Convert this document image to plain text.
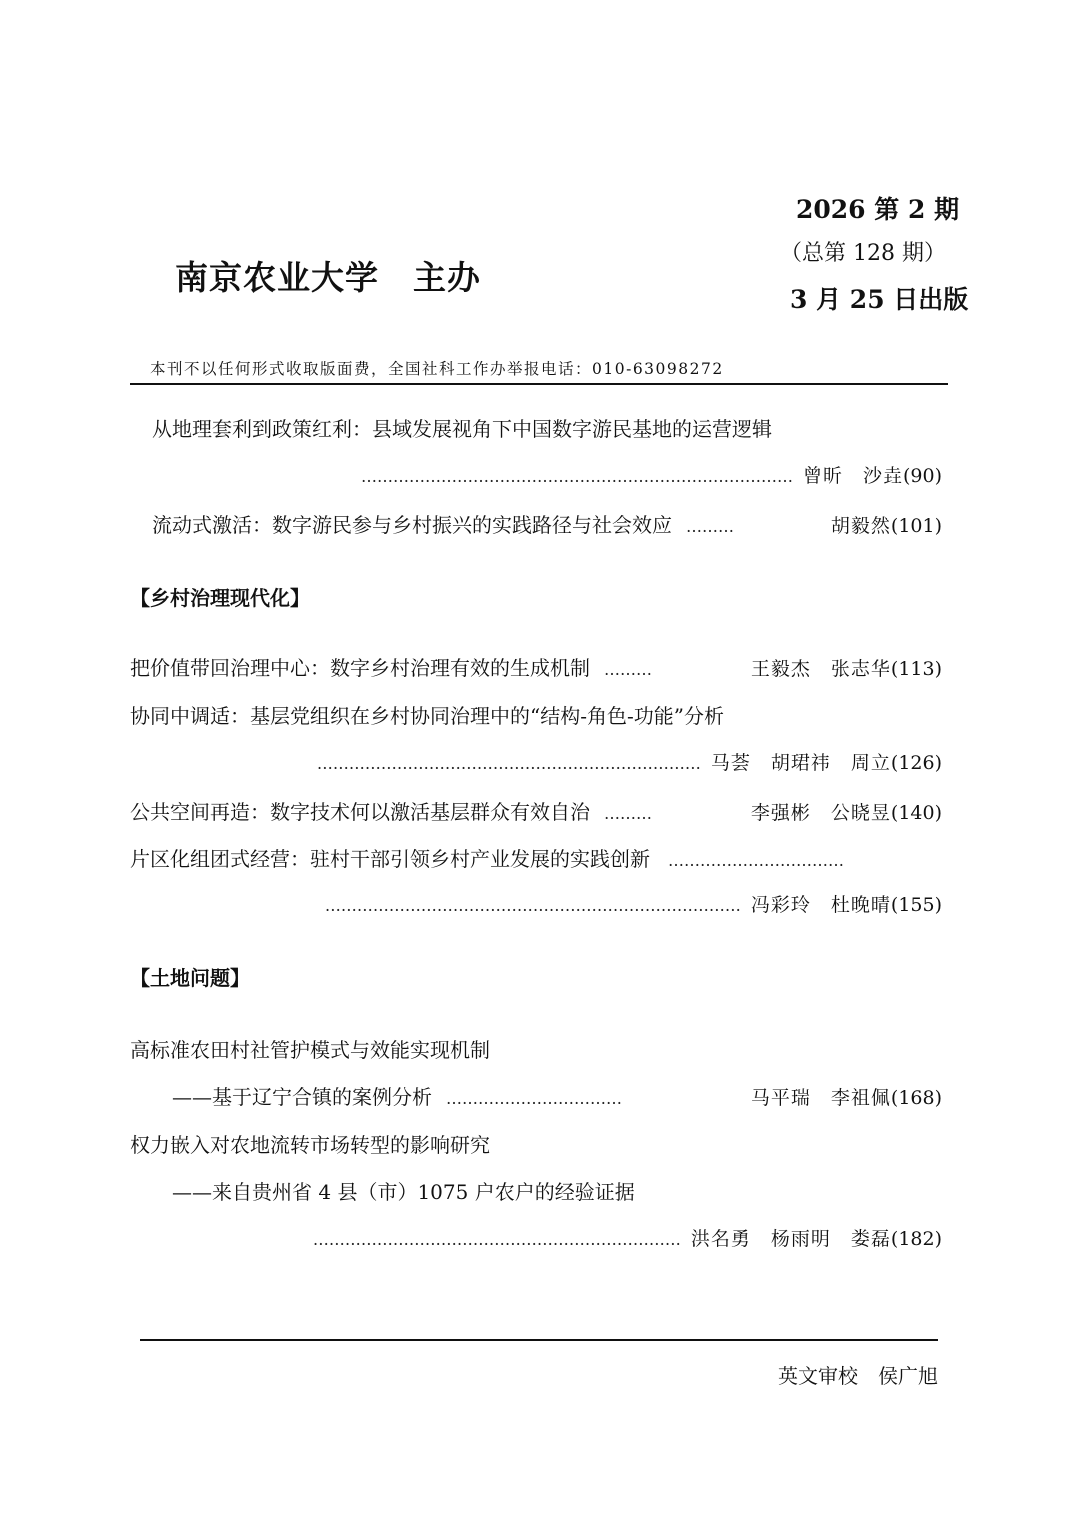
2026 第 2 期
（总第 128 期）
3 月 25 日出版
南京农业大学　主办
本刊不以任何形式收取版面费，全国社科工作办举报电话：010-63098272
从地理套利到政策红利：县域发展视角下中国数字游民基地的运营逻辑
……………………………………………………………………… 曾昕　沙垚 (90)
流动式激活：数字游民参与乡村振兴的实践路径与社会效应 ………	胡毅然 (101)
【乡村治理现代化】
把价值带回治理中心：数字乡村治理有效的生成机制 ………	王毅杰　张志华 (113)
协同中调适：基层党组织在乡村协同治理中的“结构-角色-功能”分析
……………………………………………………………… 马荟　胡珺祎　周立 (126)
公共空间再造：数字技术何以激活基层群众有效自治 ………	李强彬　公晓昱 (140)
片区化组团式经营：驻村干部引领乡村产业发展的实践创新 ……………………………
…………………………………………………………………… 冯彩玲　杜晚晴 (155)
【土地问题】
高标准农田村社管护模式与效能实现机制
——基于辽宁合镇的案例分析 ……………………………	马平瑞　李祖佩 (168)
权力嵌入对农地流转市场转型的影响研究
——来自贵州省 4 县（市）1075 户农户的经验证据
…………………………………………………………… 洪名勇　杨雨明　娄磊 (182)
英文审校　侯广旭
